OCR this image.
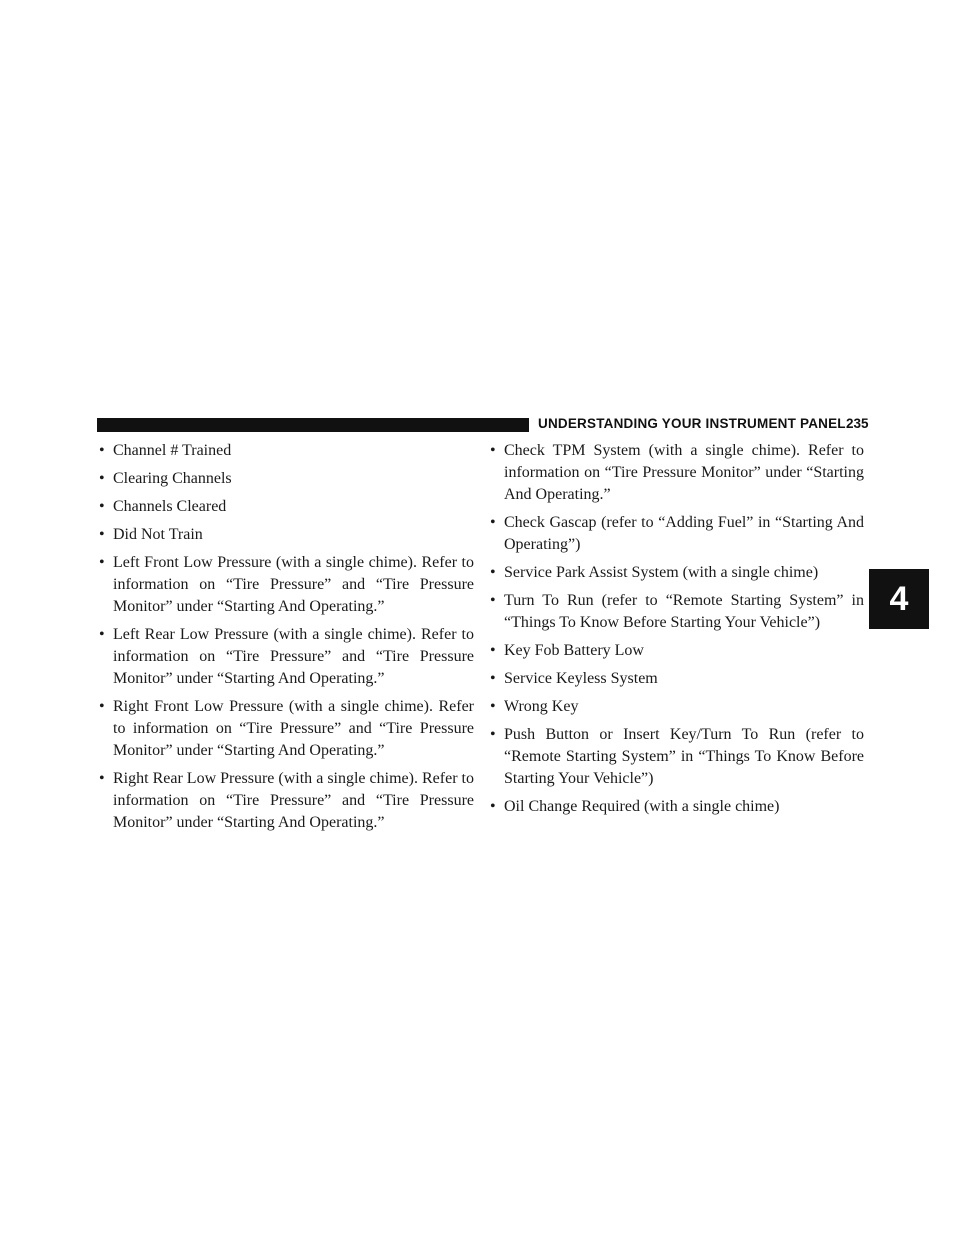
UNDERSTANDING YOUR INSTRUMENT PANEL 235
4
• Channel # Trained
• Clearing Channels
• Channels Cleared
• Did Not Train
• Left Front Low Pressure (with a single chime). Refer to information on “Tire Pressure” and “Tire Pressure Monitor” under “Starting And Operating.”
• Left Rear Low Pressure (with a single chime). Refer to information on “Tire Pressure” and “Tire Pressure Monitor” under “Starting And Operating.”
• Right Front Low Pressure (with a single chime). Refer to information on “Tire Pressure” and “Tire Pressure Monitor” under “Starting And Operating.”
• Right Rear Low Pressure (with a single chime). Refer to information on “Tire Pressure” and “Tire Pressure Monitor” under “Starting And Operating.”
• Check TPM System (with a single chime). Refer to information on “Tire Pressure Monitor” under “Starting And Operating.”
• Check Gascap (refer to “Adding Fuel” in “Starting And Operating”)
• Service Park Assist System (with a single chime)
• Turn To Run (refer to “Remote Starting System” in “Things To Know Before Starting Your Vehicle”)
• Key Fob Battery Low
• Service Keyless System
• Wrong Key
• Push Button or Insert Key/Turn To Run (refer to “Remote Starting System” in “Things To Know Before Starting Your Vehicle”)
• Oil Change Required (with a single chime)
